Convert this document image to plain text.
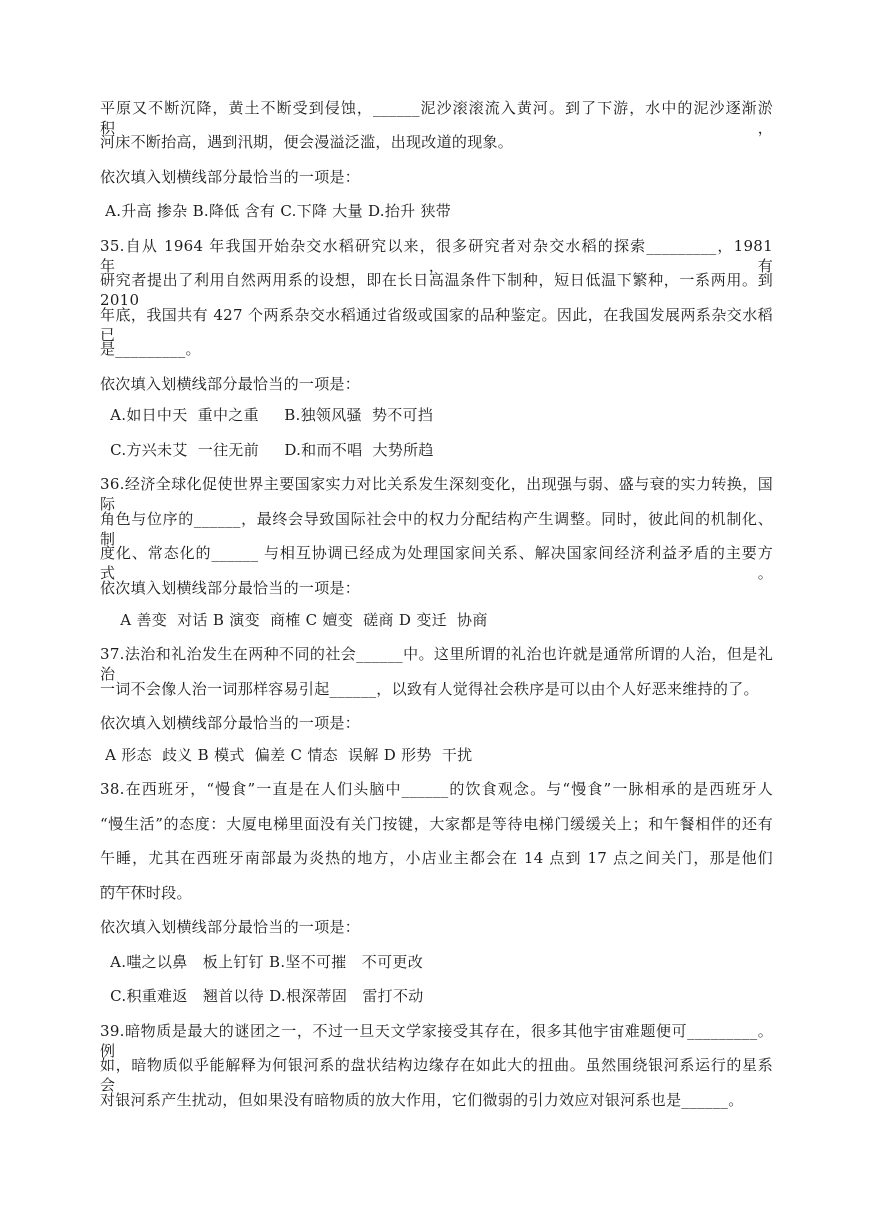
平原又不断沉降，黄土不断受到侵蚀，______泥沙滚滚流入黄河。到了下游，水中的泥沙逐渐淤积，
河床不断抬高，遇到汛期，便会漫溢泛滥，出现改道的现象。
依次填入划横线部分最恰当的一项是：
A.升高 掺杂 B.降低 含有 C.下降 大量 D.抬升 狭带
35.自从 1964 年我国开始杂交水稻研究以来，很多研究者对杂交水稻的探索_________，1981 年，有
研究者提出了利用自然两用系的设想，即在长日高温条件下制种，短日低温下繁种，一系两用。到 2010
年底，我国共有 427 个两系杂交水稻通过省级或国家的品种鉴定。因此，在我国发展两系杂交水稻已
是_________。
依次填入划横线部分最恰当的一项是：
A.如日中天  重中之重     B.独领风骚  势不可挡
C.方兴未艾  一往无前     D.和而不唱  大势所趋
36.经济全球化促使世界主要国家实力对比关系发生深刻变化，出现强与弱、盛与衰的实力转换，国际
角色与位序的______，最终会导致国际社会中的权力分配结构产生调整。同时，彼此间的机制化、制
度化、常态化的______ 与相互协调已经成为处理国家间关系、解决国家间经济利益矛盾的主要方式。
依次填入划横线部分最恰当的一项是：
A 善变  对话 B 演变  商榷 C 嬗变  磋商 D 变迁  协商
37.法治和礼治发生在两种不同的社会______中。这里所谓的礼治也许就是通常所谓的人治，但是礼治
一词不会像人治一词那样容易引起______，以致有人觉得社会秩序是可以由个人好恶来维持的了。
依次填入划横线部分最恰当的一项是：
A 形态  歧义 B 模式  偏差 C 情态  误解 D 形势  干扰
38.在西班牙，“慢食”一直是在人们头脑中______的饮食观念。与“慢食”一脉相承的是西班牙人
“慢生活”的态度：大厦电梯里面没有关门按键，大家都是等待电梯门缓缓关上；和午餐相伴的还有
午睡，尤其在西班牙南部最为炎热的地方，小店业主都会在 14 点到 17 点之间关门，那是他们______
的午休时段。
依次填入划横线部分最恰当的一项是：
A.嗤之以鼻   板上钉钉 B.坚不可摧   不可更改
C.积重难返   翘首以待 D.根深蒂固   雷打不动
39.暗物质是最大的谜团之一，不过一旦天文学家接受其存在，很多其他宇宙难题便可_________。例
如，暗物质似乎能解释为何银河系的盘状结构边缘存在如此大的扭曲。虽然围绕银河系运行的星系会
对银河系产生扰动，但如果没有暗物质的放大作用，它们微弱的引力效应对银河系也是______。
